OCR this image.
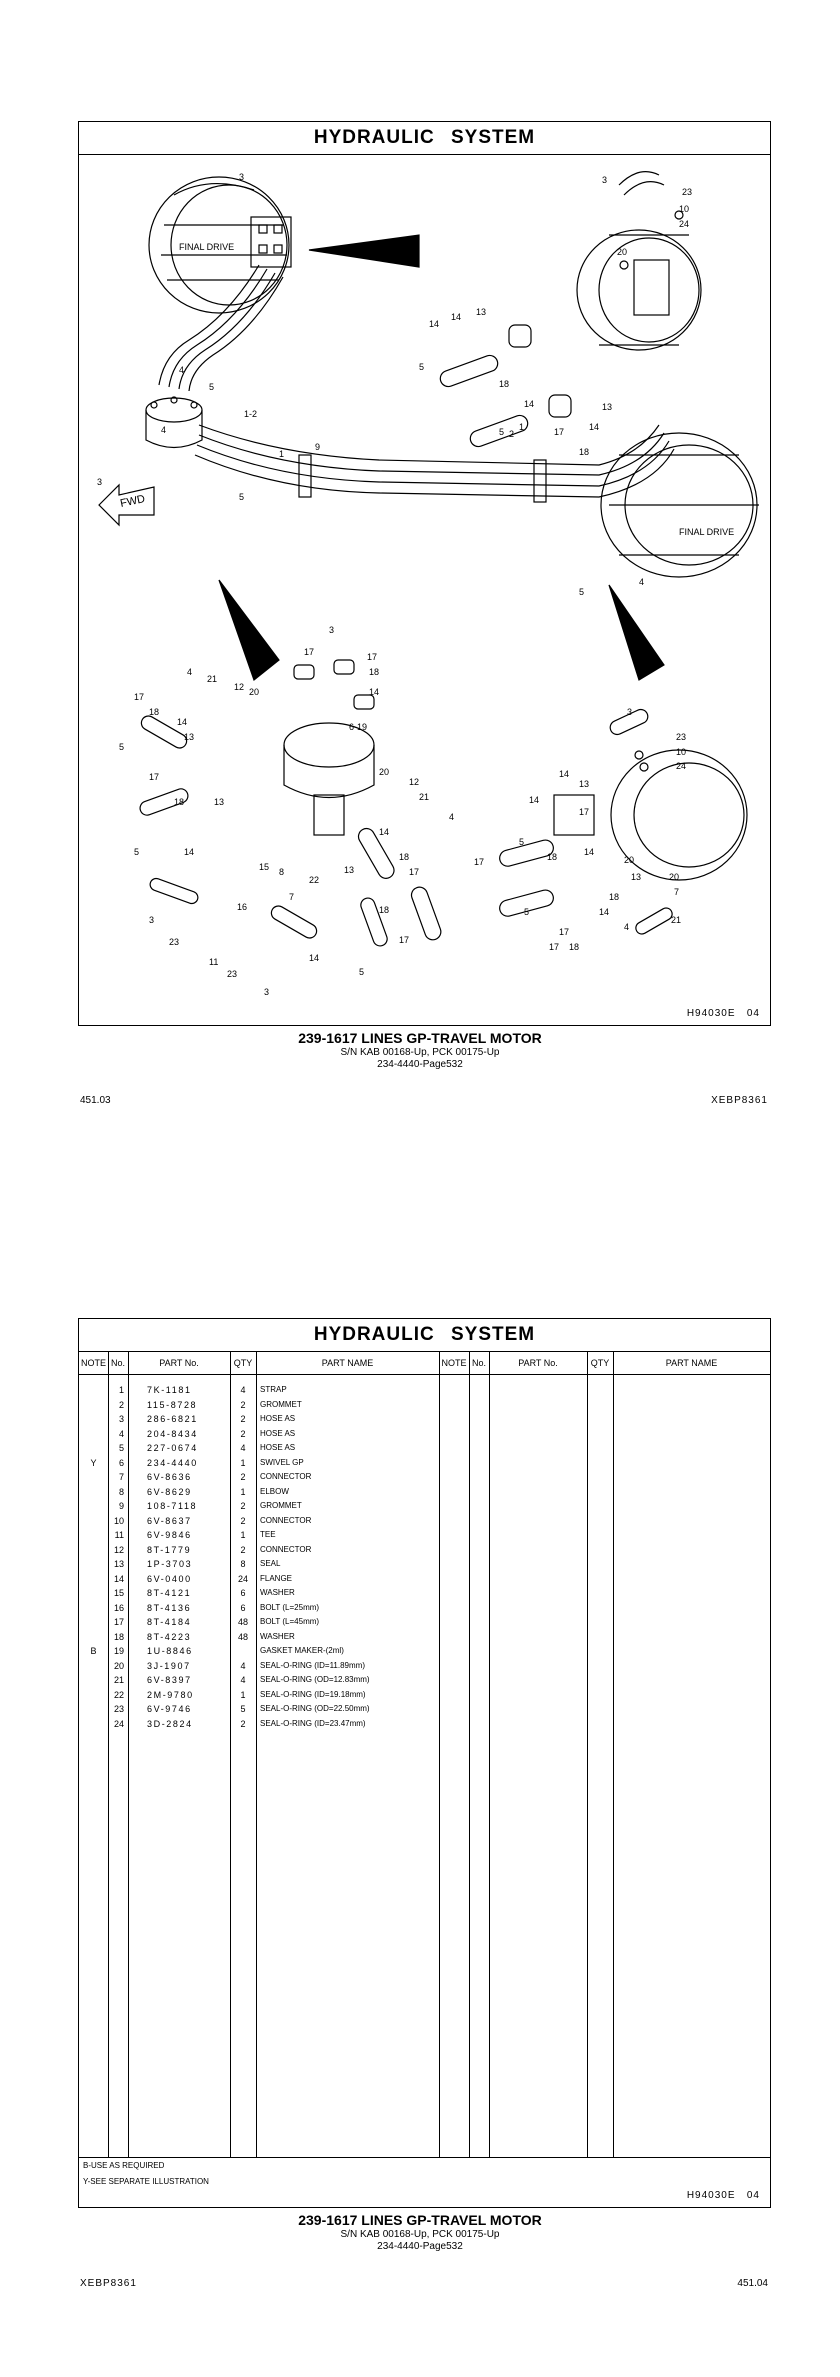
HYDRAULIC SYSTEM
FINAL DRIVE
FWD
FINAL DRIVE
3
4
5
1-2
4
3
1
9
5
2
1
4
5
3
23
10
24
20
14
14 13
5
18
14
14
13
5	17
18
3
17	17
18
14
4
21
12 20
17
18
14
13
5
6-19
20
12
21
4
17
18	13
5	14
15 8
22
13
14
18
17
17
16
7
18
17
14
5
3
23
11
23
3
3
23
10
24
14
13
17
14
5
18	14
20
13
18
14
4
20
7
21
5
17 18
17
H94030E   04
239-1617 LINES GP-TRAVEL MOTOR
S/N KAB 00168-Up, PCK 00175-Up
234-4440-Page532
451.03	XEBP8361
HYDRAULIC SYSTEM
NOTE No.	PART No.	QTY	PART NAME	NOTE No.	PART No.	QTY	PART NAME
1	7K-1181	4	STRAP
2	115-8728	2	GROMMET
3	286-6821	2	HOSE AS
4	204-8434	2	HOSE AS
5	227-0674	4	HOSE AS
Y	6	234-4440	1	SWIVEL GP
7	6V-8636	2	CONNECTOR
8	6V-8629	1	ELBOW
9	108-7118	2	GROMMET
10	6V-8637	2	CONNECTOR
11	6V-9846	1	TEE
12	8T-1779	2	CONNECTOR
13	1P-3703	8	SEAL
14	6V-0400	24	FLANGE
15	8T-4121	6	WASHER
16	8T-4136	6	BOLT (L=25mm)
17	8T-4184	48	BOLT (L=45mm)
18	8T-4223	48	WASHER
B	19	1U-8846	GASKET MAKER-(2ml)
20	3J-1907	4	SEAL-O-RING (ID=11.89mm)
21	6V-8397	4	SEAL-O-RING (OD=12.83mm)
22	2M-9780	1	SEAL-O-RING (ID=19.18mm)
23	6V-9746	5	SEAL-O-RING (OD=22.50mm)
24	3D-2824	2	SEAL-O-RING (ID=23.47mm)
B-USE AS REQUIRED
Y-SEE SEPARATE ILLUSTRATION
H94030E   04
239-1617 LINES GP-TRAVEL MOTOR
S/N KAB 00168-Up, PCK 00175-Up
234-4440-Page532
XEBP8361	451.04
